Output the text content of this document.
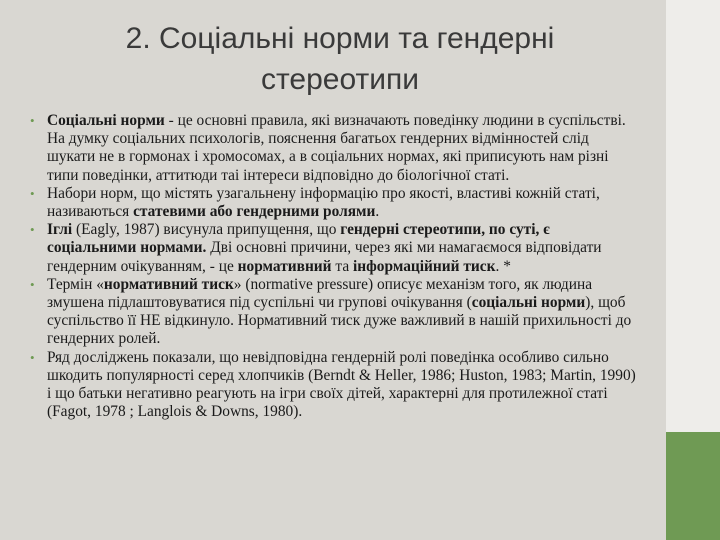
2. Соціальні норми та гендерні
стереотипи
• Соціальні норми - це основні правила, які визначають поведінку людини в суспільстві. На думку соціальних психологів, пояснення багатьох гендерних відмінностей слід шукати не в гормонах і хромосомах, а в соціальних нормах, які приписують нам різні типи поведінки, аттитюди таі інтереси відповідно до біологічної статі.
• Набори норм, що містять узагальнену інформацію про якості, властиві кожній статі, називаються статевими або гендерними ролями.
• Іглі (Eagly, 1987) висунула припущення, що гендерні стереотипи, по суті, є соціальними нормами. Дві основні причини, через які ми намагаємося відповідати гендерним очікуванням, - це нормативний та інформаційний тиск. *
• Термін «нормативний тиск» (normative pressure) описує механізм того, як людина змушена підлаштовуватися під суспільні чи групові очікування (соціальні норми), щоб суспільство її НЕ відкинуло. Нормативний тиск дуже важливий в нашій прихильності до гендерних ролей.
• Ряд досліджень показали, що невідповідна гендерній ролі поведінка особливо сильно шкодить популярності серед хлопчиків (Berndt & Heller, 1986; Huston, 1983; Martin, 1990) і що батьки негативно реагують на ігри своїх дітей, характерні для протилежної статі (Fagot, 1978 ; Langlois & Downs, 1980).
